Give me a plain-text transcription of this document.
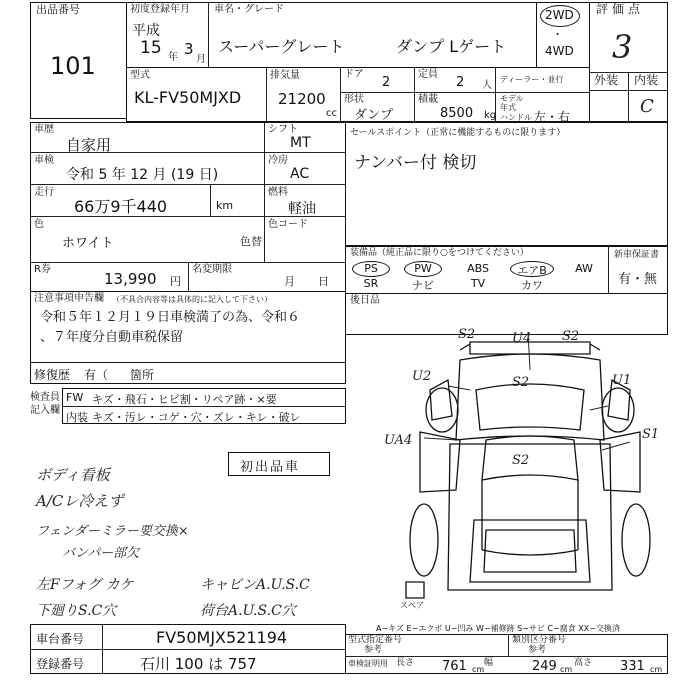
出品番号
101
初度登録年月
平成
15 3
年 月
車名・グレード
スーパーグレート	ダンプ Lゲート
2WD
・
4WD
評価点
3
外装 内装
C
型式
KL-FV50MJXD
排気量
21200
cc
ドア
2
定員
2 人
ディーラー・並行
形状
ダンプ
積載
8500 kg
モデル年式
ハンドル 左・右
車歴
自家用
シフト
MT
車検
令和 5 年 12 月 (19 日)
冷房
AC
走行
66万9千440	km
燃料
軽油
色
ホワイト	色替
色コード
R券
13,990 円
名変期限
月 日
セールスポイント（正常に機能するものに限ります）
ナンバー付 検切
装備品（純正品に限り○をつけてください）	新車保証書
有・無
PS	PW	ABS	エアB	AW
SR	ナビ	TV	カワ
後日品
注意事項申告欄 （不具合内容等は具体的に記入して下さい）
令和５年１２月１９日車検満了の為、令和６
、７年度分自動車税保留
修復歴 有（ 箇所
検査員
記入欄
FW キズ・飛石・ヒビ割・リペア跡・×要
内装 キズ・汚レ・コゲ・穴・ズレ・キレ・破レ
初出品車
ボディ看板
A/Cレ冷えず
フェンダーミラー要交換×
バンパー部欠
左Fフォグ カケ
下廻りS.C穴
キャビンA.U.S.C
荷台A.U.S.C穴
S2	U4 S2
U2	S2	U1
S1
UA4
S2
スペア
A−キズ E−エクボ U−凹み W−補修跡 S−サビ C−腐食 XX−交換済
車台番号	FV50MJX521194
登録番号	石川 100 は 757
型式指定番号
参考
類別区分番号
参考
車検証明用 長さ 761 cm
幅	249 cm
高さ 331 cm
